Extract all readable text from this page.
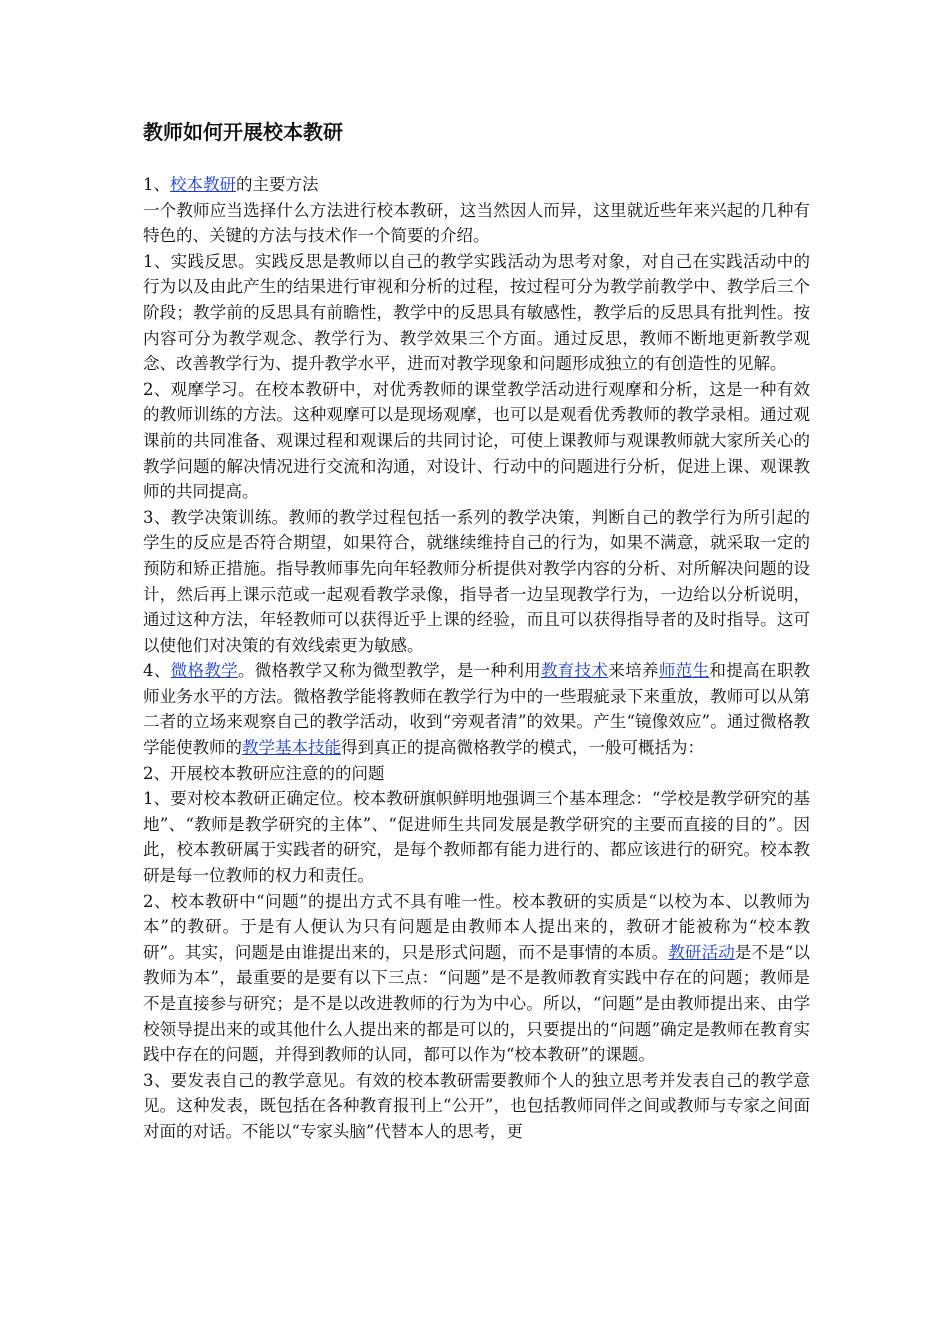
教师如何开展校本教研

1、校本教研的主要方法

一个教师应当选择什么方法进行校本教研，这当然因人而异，这里就近些年来兴起的几种有特色的、关键的方法与技术作一个简要的介绍。

1、实践反思。实践反思是教师以自己的教学实践活动为思考对象，对自己在实践活动中的行为以及由此产生的结果进行审视和分析的过程，按过程可分为教学前教学中、教学后三个阶段；教学前的反思具有前瞻性，教学中的反思具有敏感性，教学后的反思具有批判性。按内容可分为教学观念、教学行为、教学效果三个方面。通过反思，教师不断地更新教学观念、改善教学行为、提升教学水平，进而对教学现象和问题形成独立的有创造性的见解。

2、观摩学习。在校本教研中，对优秀教师的课堂教学活动进行观摩和分析，这是一种有效的教师训练的方法。这种观摩可以是现场观摩，也可以是观看优秀教师的教学录相。通过观课前的共同准备、观课过程和观课后的共同讨论，可使上课教师与观课教师就大家所关心的教学问题的解决情况进行交流和沟通，对设计、行动中的问题进行分析，促进上课、观课教师的共同提高。

3、教学决策训练。教师的教学过程包括一系列的教学决策，判断自己的教学行为所引起的学生的反应是否符合期望，如果符合，就继续维持自己的行为，如果不满意，就采取一定的预防和矫正措施。指导教师事先向年轻教师分析提供对教学内容的分析、对所解决问题的设计，然后再上课示范或一起观看教学录像，指导者一边呈现教学行为，一边给以分析说明，通过这种方法，年轻教师可以获得近乎上课的经验，而且可以获得指导者的及时指导。这可以使他们对决策的有效线索更为敏感。

4、微格教学。微格教学又称为微型教学，是一种利用教育技术来培养师范生和提高在职教师业务水平的方法。微格教学能将教师在教学行为中的一些瑕疵录下来重放，教师可以从第二者的立场来观察自己的教学活动，收到“旁观者清”的效果。产生“镜像效应”。通过微格教学能使教师的教学基本技能得到真正的提高微格教学的模式，一般可概括为：

2、开展校本教研应注意的的问题

1、要对校本教研正确定位。校本教研旗帜鲜明地强调三个基本理念：“学校是教学研究的基地”、“教师是教学研究的主体”、“促进师生共同发展是教学研究的主要而直接的目的”。因此，校本教研属于实践者的研究，是每个教师都有能力进行的、都应该进行的研究。校本教研是每一位教师的权力和责任。

2、校本教研中“问题”的提出方式不具有唯一性。校本教研的实质是“以校为本、以教师为本”的教研。于是有人便认为只有问题是由教师本人提出来的，教研才能被称为“校本教研”。其实，问题是由谁提出来的，只是形式问题，而不是事情的本质。教研活动是不是“以教师为本”，最重要的是要有以下三点：“问题”是不是教师教育实践中存在的问题；教师是不是直接参与研究；是不是以改进教师的行为为中心。所以，“问题”是由教师提出来、由学校领导提出来的或其他什么人提出来的都是可以的，只要提出的“问题”确定是教师在教育实践中存在的问题，并得到教师的认同，都可以作为“校本教研”的课题。

3、要发表自己的教学意见。有效的校本教研需要教师个人的独立思考并发表自己的教学意见。这种发表，既包括在各种教育报刊上“公开”，也包括教师同伴之间或教师与专家之间面对面的对话。不能以“专家头脑”代替本人的思考，更
